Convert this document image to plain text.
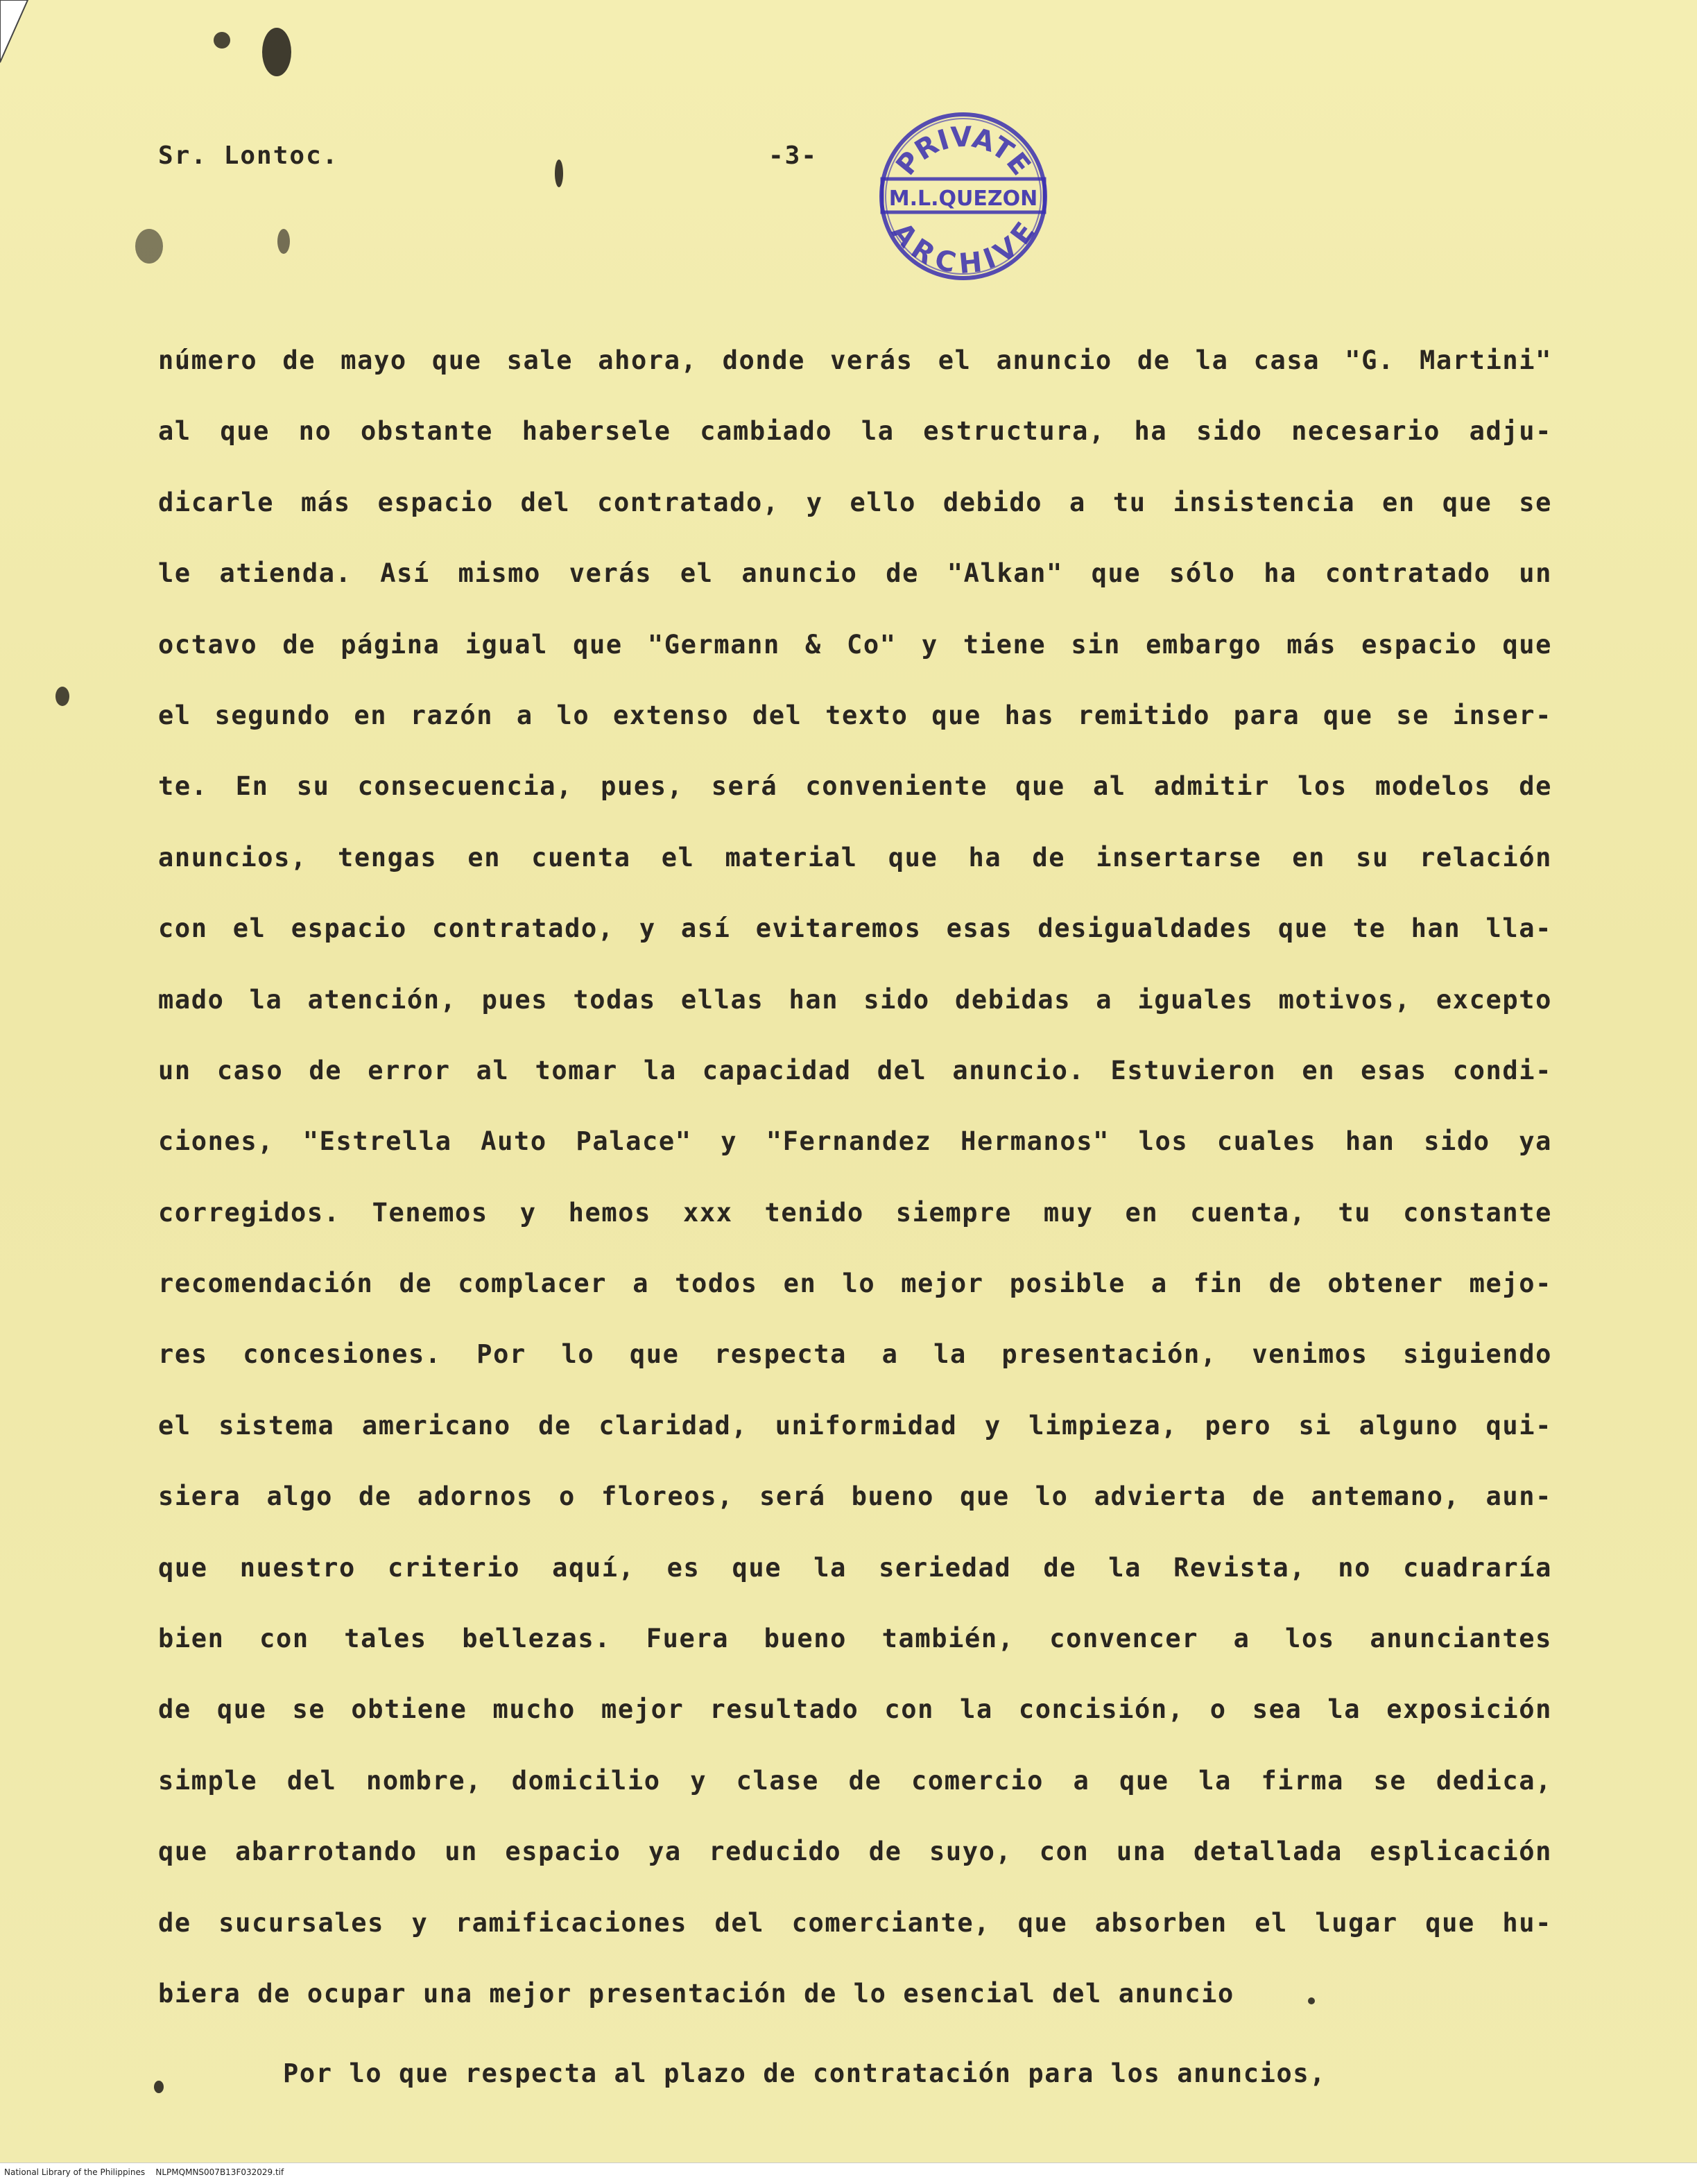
Sr. Lontoc.	-3-	PRIVATE
M.L.QUEZON
ARCHIVE
número de mayo que sale ahora, donde verás el anuncio de la casa "G. Martini"
al que no obstante habersele cambiado la estructura, ha sido necesario adju-
dicarle más espacio del contratado, y ello debido a tu insistencia en que se
le atienda. Así mismo verás el anuncio de "Alkan" que sólo ha contratado un
octavo de página igual que "Germann & Co" y tiene sin embargo más espacio que
el segundo en razón a lo extenso del texto que has remitido para que se inser-
te. En su consecuencia, pues, será conveniente que al admitir los modelos de
anuncios, tengas en cuenta el material que ha de insertarse en su relación
con el espacio contratado, y así evitaremos esas desigualdades que te han lla-
mado la atención, pues todas ellas han sido debidas a iguales motivos, excepto
un caso de error al tomar la capacidad del anuncio. Estuvieron en esas condi-
ciones, "Estrella Auto Palace" y "Fernandez Hermanos" los cuales han sido ya
corregidos. Tenemos y hemos xxx tenido siempre muy en cuenta, tu constante
recomendación de complacer a todos en lo mejor posible a fin de obtener mejo-
res concesiones. Por lo que respecta a la presentación, venimos siguiendo
el sistema americano de claridad, uniformidad y limpieza, pero si alguno qui-
siera algo de adornos o floreos, será bueno que lo advierta de antemano, aun-
que nuestro criterio aquí, es que la seriedad de la Revista, no cuadraría
bien con tales bellezas. Fuera bueno también, convencer a los anunciantes
de que se obtiene mucho mejor resultado con la concisión, o sea la exposición
simple del nombre, domicilio y clase de comercio a que la firma se dedica,
que abarrotando un espacio ya reducido de suyo, con una detallada esplicación
de sucursales y ramificaciones del comerciante, que absorben el lugar que hu-
biera de ocupar una mejor presentación de lo esencial del anuncio
Por lo que respecta al plazo de contratación para los anuncios,
National Library of the Philippines    NLPMQMNS007B13F032029.tif
